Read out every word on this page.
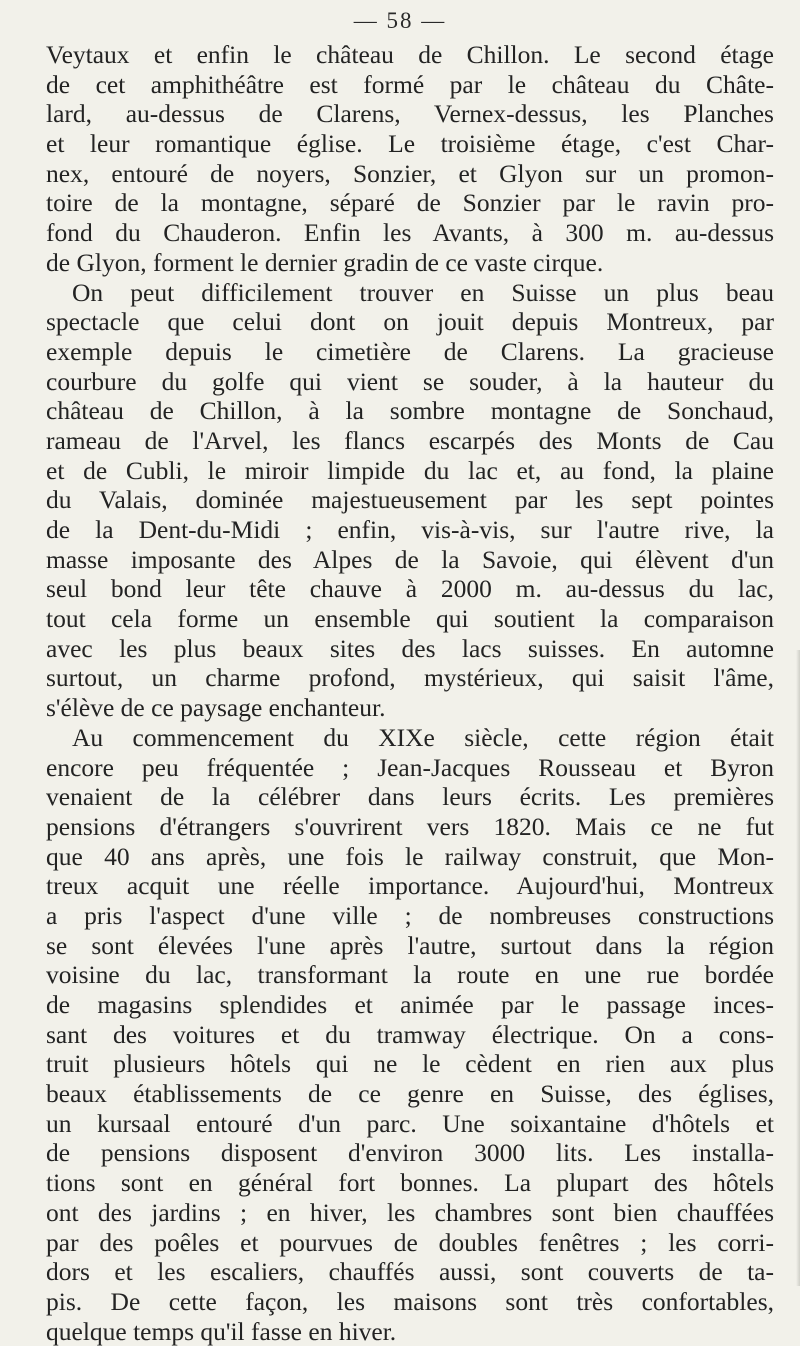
— 58 —
Veytaux et enfin le château de Chillon. Le second étage
de cet amphithéâtre est formé par le château du Châte-
lard, au-dessus de Clarens, Vernex-dessus, les Planches
et leur romantique église. Le troisième étage, c'est Char-
nex, entouré de noyers, Sonzier, et Glyon sur un promon-
toire de la montagne, séparé de Sonzier par le ravin pro-
fond du Chauderon. Enfin les Avants, à 300 m. au-dessus
de Glyon, forment le dernier gradin de ce vaste cirque.
On peut difficilement trouver en Suisse un plus beau
spectacle que celui dont on jouit depuis Montreux, par
exemple depuis le cimetière de Clarens. La gracieuse
courbure du golfe qui vient se souder, à la hauteur du
château de Chillon, à la sombre montagne de Sonchaud,
rameau de l'Arvel, les flancs escarpés des Monts de Cau
et de Cubli, le miroir limpide du lac et, au fond, la plaine
du Valais, dominée majestueusement par les sept pointes
de la Dent-du-Midi ; enfin, vis-à-vis, sur l'autre rive, la
masse imposante des Alpes de la Savoie, qui élèvent d'un
seul bond leur tête chauve à 2000 m. au-dessus du lac,
tout cela forme un ensemble qui soutient la comparaison
avec les plus beaux sites des lacs suisses. En automne
surtout, un charme profond, mystérieux, qui saisit l'âme,
s'élève de ce paysage enchanteur.
Au commencement du XIXe siècle, cette région était
encore peu fréquentée ; Jean-Jacques Rousseau et Byron
venaient de la célébrer dans leurs écrits. Les premières
pensions d'étrangers s'ouvrirent vers 1820. Mais ce ne fut
que 40 ans après, une fois le railway construit, que Mon-
treux acquit une réelle importance. Aujourd'hui, Montreux
a pris l'aspect d'une ville ; de nombreuses constructions
se sont élevées l'une après l'autre, surtout dans la région
voisine du lac, transformant la route en une rue bordée
de magasins splendides et animée par le passage inces-
sant des voitures et du tramway électrique. On a cons-
truit plusieurs hôtels qui ne le cèdent en rien aux plus
beaux établissements de ce genre en Suisse, des églises,
un kursaal entouré d'un parc. Une soixantaine d'hôtels et
de pensions disposent d'environ 3000 lits. Les installa-
tions sont en général fort bonnes. La plupart des hôtels
ont des jardins ; en hiver, les chambres sont bien chauffées
par des poêles et pourvues de doubles fenêtres ; les corri-
dors et les escaliers, chauffés aussi, sont couverts de ta-
pis. De cette façon, les maisons sont très confortables,
quelque temps qu'il fasse en hiver.
